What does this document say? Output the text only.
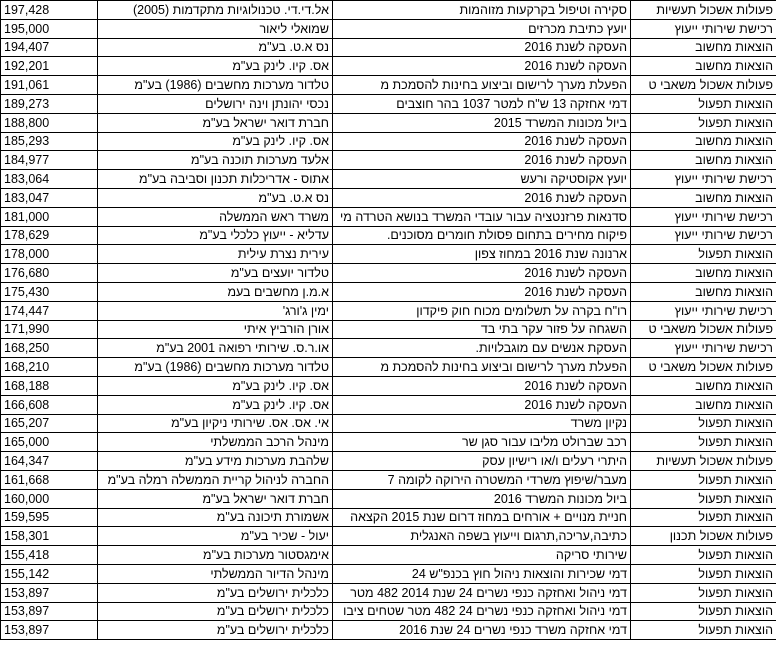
197,428	אל.די.די. טכנולוגיות מתקדמות (2005)	סקירה וטיפול בקרקעות מזוהמות	פעולות אשכול תעשיות
195,000	שמואלי ליאור	יועץ כתיבת מכרזים	רכישת שירותי ייעוץ
194,407	נס א.ט. בע"מ	העסקה לשנת 2016	הוצאות מחשוב
192,201	אס. קיו. לינק בע"מ	העסקה לשנת 2016	הוצאות מחשוב
191,061	טלדור מערכות מחשבים (1986) בע"מ	הפעלת מערך לרישום וביצוע בחינות להסמכת מ	פעולות אשכול משאבי ט
189,273	נכסי יהונתן וינה ירושלים	דמי אחזקה 13 ש"ח למטר 1037 בהר חוצבים	הוצאות תפעול
188,800	חברת דואר ישראל בע"מ	ביול מכונות המשרד 2015	הוצאות תפעול
185,293	אס. קיו. לינק בע"מ	העסקה לשנת 2016	הוצאות מחשוב
184,977	אלעד מערכות תוכנה בע"מ	העסקה לשנת 2016	הוצאות מחשוב
183,064	אתוס - אדריכלות תכנון וסביבה בע"מ	יועץ אקוסטיקה ורעש	רכישת שירותי ייעוץ
183,047	נס א.ט. בע"מ	העסקה לשנת 2016	הוצאות מחשוב
181,000	משרד ראש הממשלה	סדנאות פרזנטציה עבור עובדי המשרד בנושא הטרדה מי	רכישת שירותי ייעוץ
178,629	עדליא - ייעוץ כלכלי בע"מ	פיקוח מחירים בתחום פסולת חומרים מסוכנים.	רכישת שירותי ייעוץ
178,000	עירית נצרת עילית	ארנונה שנת 2016 במחוז צפון	הוצאות תפעול
176,680	טלדור יועצים בע"מ	העסקה לשנת 2016	הוצאות מחשוב
175,430	א.מ.ן מחשבים בעמ	העסקה לשנת 2016	הוצאות מחשוב
174,447	ימין ג'ורג'	רו"ח בקרה על תשלומים מכוח חוק פיקדון	רכישת שירותי ייעוץ
171,990	אורן הורביץ איתי	השגחה על פזור עקר בתי בד	פעולות אשכול משאבי ט
168,250	או.ר.ס. שירותי רפואה 2001 בע"מ	העסקת אנשים עם מוגבלויות.	רכישת שירותי ייעוץ
168,210	טלדור מערכות מחשבים (1986) בע"מ	הפעלת מערך לרישום וביצוע בחינות להסמכת מ	פעולות אשכול משאבי ט
168,188	אס. קיו. לינק בע"מ	העסקה לשנת 2016	הוצאות מחשוב
166,608	אס. קיו. לינק בע"מ	העסקה לשנת 2016	הוצאות מחשוב
165,207	אי. אס. אס. שירותי ניקיון בע"מ	נקיון משרד	הוצאות תפעול
165,000	מינהל הרכב הממשלתי	רכב שברולט מליבו עבור סגן שר	הוצאות תפעול
164,347	שלהבת מערכות מידע בע"מ	היתרי רעלים ו/או רישיון עסק	פעולות אשכול תעשיות
161,668	החברה לניהול קריית הממשלה רמלה בע"מ	מעבר/שיפוץ משרדי המשטרה הירוקה לקומה 7	הוצאות תפעול
160,000	חברת דואר ישראל בע"מ	ביול מכונות המשרד 2016	הוצאות תפעול
159,595	אשמורת תיכונה בע"מ	חניית מנויים + אורחים במחוז דרום שנת 2015 הקצאה	הוצאות תפעול
158,301	יעול - שכיר בע"מ	כתיבה,עריכה,תרגום וייעוץ בשפה האנגלית	פעולות אשכול תכנון
155,418	אימגסטור מערכות בע"מ	שירותי סריקה	הוצאות תפעול
155,142	מינהל הדיור הממשלתי	דמי שכירות והוצאות ניהול חוץ בכנפ"ש 24	הוצאות תפעול
153,897	כלכלית ירושלים בע"מ	דמי ניהול ואחזקה כנפי נשרים 24 שנת 2014 482 מטר	הוצאות תפעול
153,897	כלכלית ירושלים בע"מ	דמי ניהול ואחזקה כנפי נשרים 24 482 מטר שטחים ציבו	הוצאות תפעול
153,897	כלכלית ירושלים בע"מ	דמי אחזקה משרד כנפי נשרים 24 שנת 2016	הוצאות תפעול
